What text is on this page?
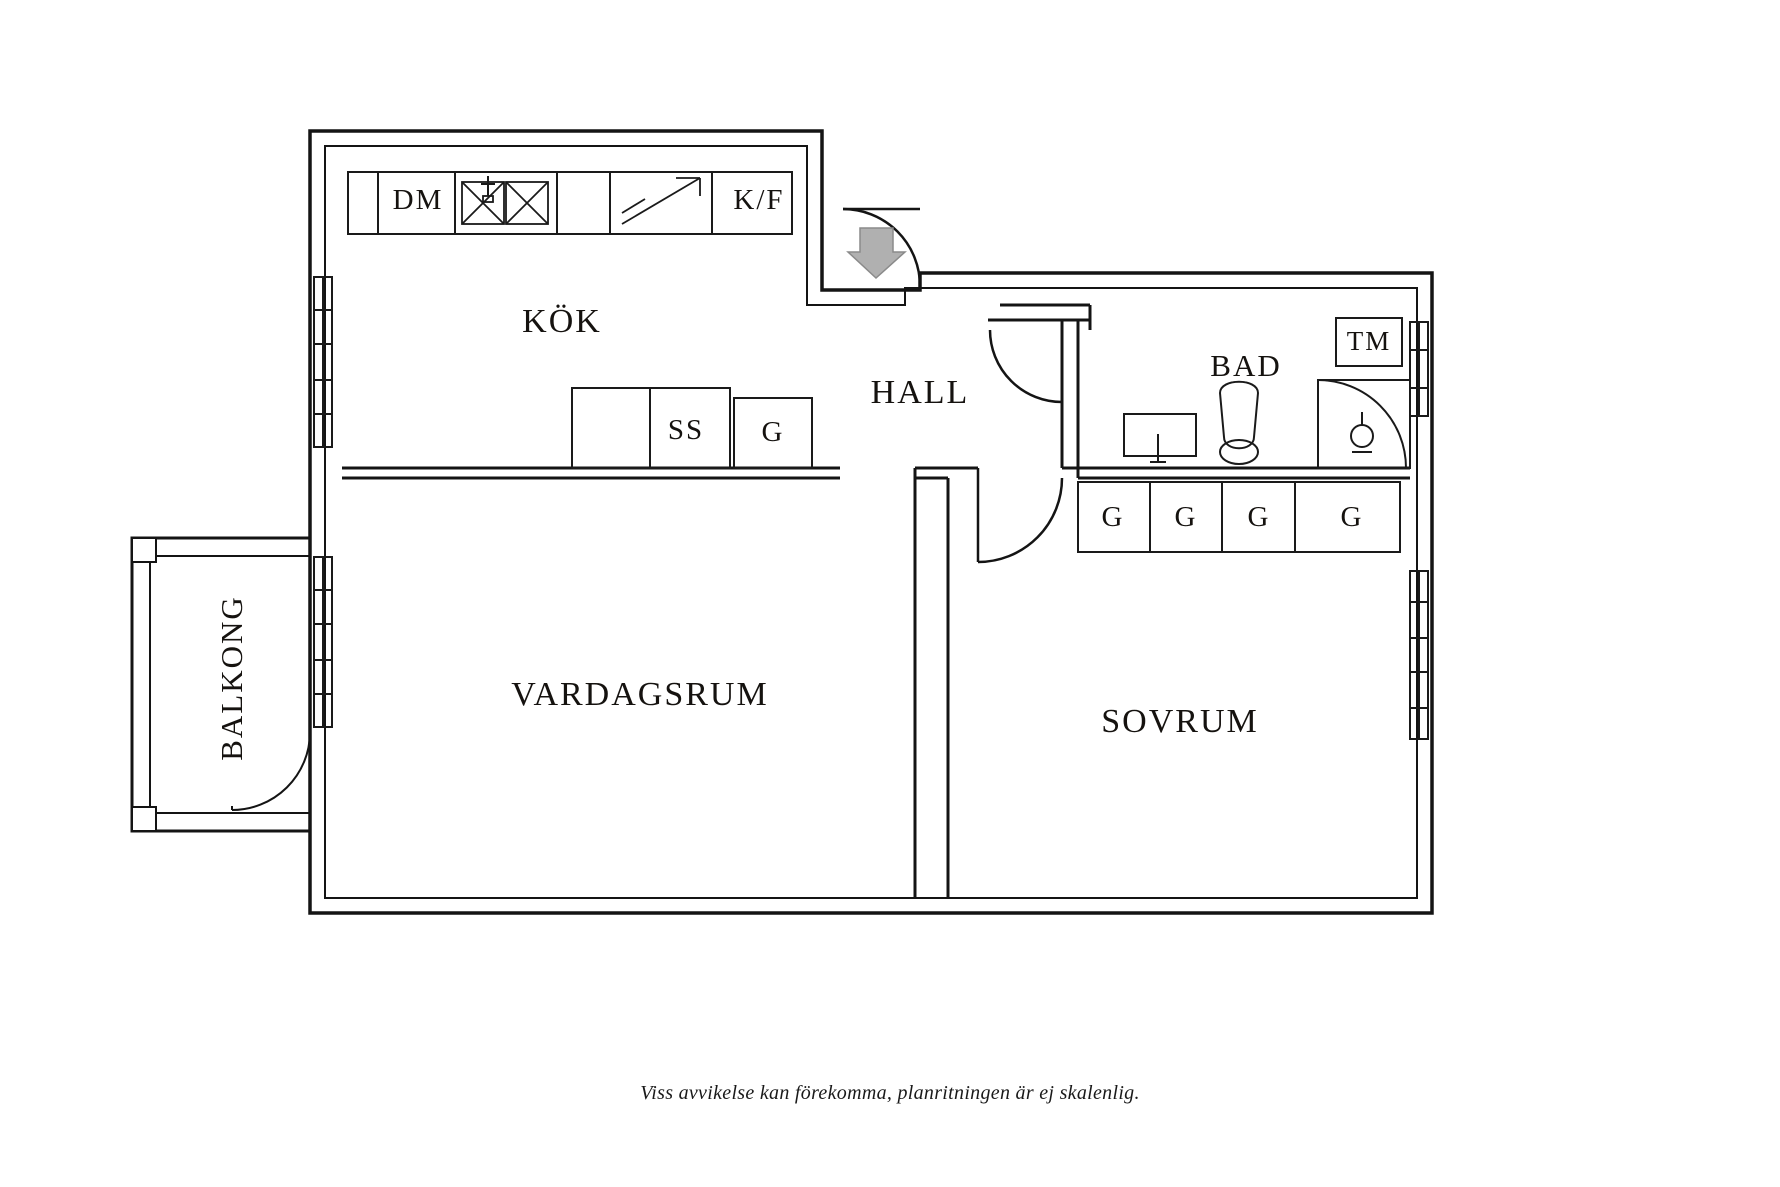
KÖK
HALL
BAD
VARDAGSRUM
SOVRUM
BALKONG
DM	K/F
SS	G
TM
G	G	G	G
Viss avvikelse kan förekomma, planritningen är ej skalenlig.
